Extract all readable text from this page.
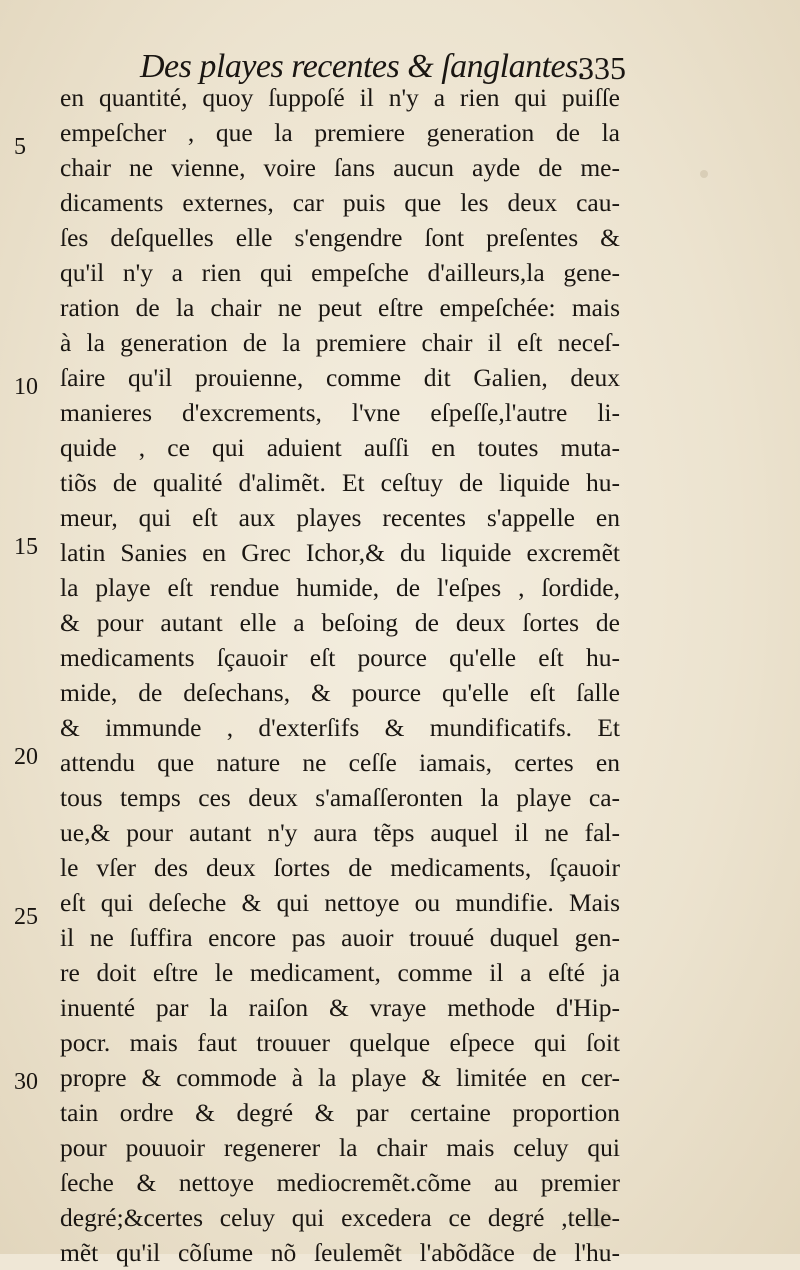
Des playes recentes & ſanglantes.
335
5
10
15
20
25
30
en quantité, quoy ſuppoſé il n'y a rien qui puiſſe
empeſcher , que la premiere generation de la
chair ne vienne, voire ſans aucun ayde de me-
dicaments externes, car puis que les deux cau-
ſes deſquelles elle s'engendre ſont preſentes &
qu'il n'y a rien qui empeſche d'ailleurs,la gene-
ration de la chair ne peut eſtre empeſchée: mais
à la generation de la premiere chair il eſt neceſ-
ſaire qu'il prouienne, comme dit Galien, deux
manieres d'excrements, l'vne eſpeſſe,l'autre li-
quide , ce qui aduient auſſi en toutes muta-
tiõs de qualité d'alimẽt. Et ceſtuy de liquide hu-
meur, qui eſt aux playes recentes s'appelle en
latin Sanies en Grec Ichor,& du liquide excremẽt
la playe eſt rendue humide, de l'eſpes , ſordide,
& pour autant elle a beſoing de deux ſortes de
medicaments ſçauoir eſt pource qu'elle eſt hu-
mide, de deſechans, & pource qu'elle eſt ſalle
& immunde , d'exterſifs & mundificatifs. Et
attendu que nature ne ceſſe iamais, certes en
tous temps ces deux s'amaſſeronten la playe ca-
ue,& pour autant n'y aura tẽps auquel il ne fal-
le vſer des deux ſortes de medicaments, ſçauoir
eſt qui deſeche & qui nettoye ou mundifie. Mais
il ne ſuffira encore pas auoir trouué duquel gen-
re doit eſtre le medicament, comme il a eſté ja
inuenté par la raiſon & vraye methode d'Hip-
pocr. mais faut trouuer quelque eſpece qui ſoit
propre & commode à la playe & limitée en cer-
tain ordre & degré & par certaine proportion
pour pouuoir regenerer la chair mais celuy qui
ſeche & nettoye mediocremẽt.cõme au premier
degré;&certes celuy qui excedera ce degré ,telle-
mẽt qu'il cõſume nõ ſeulemẽt l'abõdãce de l'hu-
